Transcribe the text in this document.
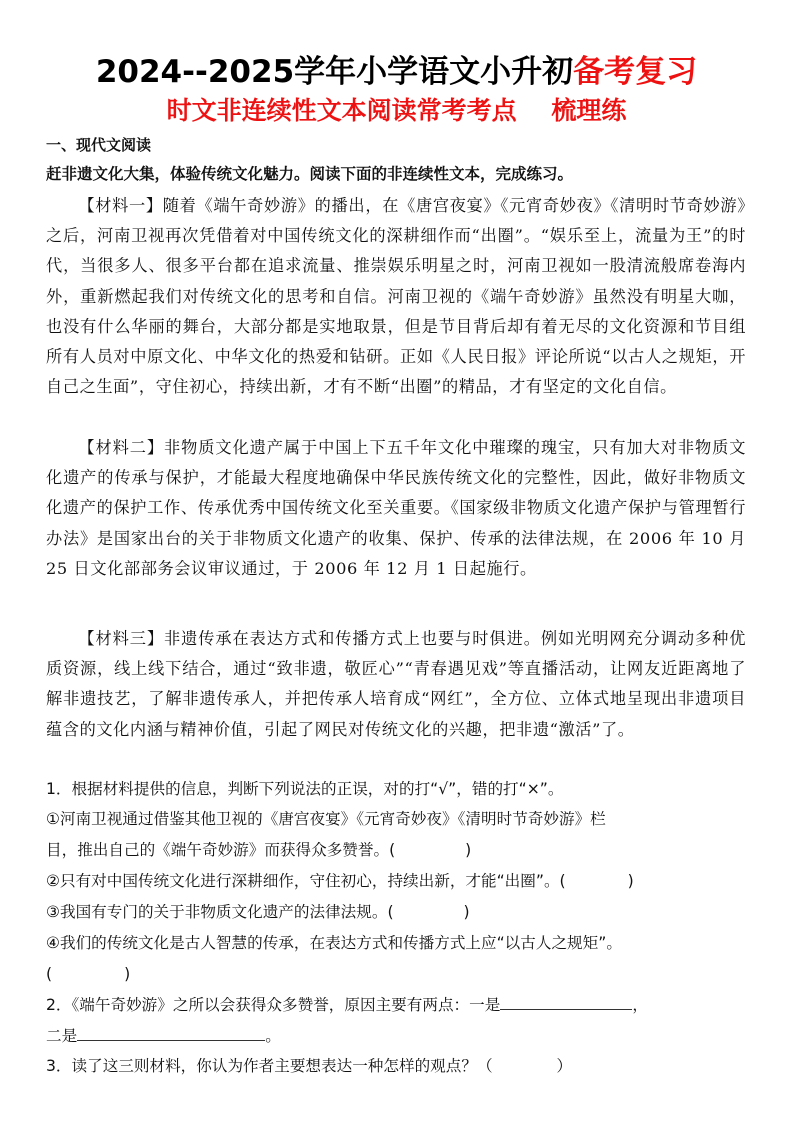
2024--2025学年小学语文小升初备考复习
时文非连续性文本阅读常考考点    梳理练
一、现代文阅读
赶非遗文化大集，体验传统文化魅力。阅读下面的非连续性文本，完成练习。
【材料一】随着《端午奇妙游》的播出，在《唐宫夜宴》《元宵奇妙夜》《清明时节奇妙游》之后，河南卫视再次凭借着对中国传统文化的深耕细作而“出圈”。“娱乐至上，流量为王”的时代，当很多人、很多平台都在追求流量、推崇娱乐明星之时，河南卫视如一股清流般席卷海内外，重新燃起我们对传统文化的思考和自信。河南卫视的《端午奇妙游》虽然没有明星大咖，也没有什么华丽的舞台，大部分都是实地取景，但是节目背后却有着无尽的文化资源和节目组所有人员对中原文化、中华文化的热爱和钻研。正如《人民日报》评论所说“以古人之规矩，开自己之生面”，守住初心，持续出新，才有不断“出圈”的精品，才有坚定的文化自信。
【材料二】非物质文化遗产属于中国上下五千年文化中璀璨的瑰宝，只有加大对非物质文化遗产的传承与保护，才能最大程度地确保中华民族传统文化的完整性，因此，做好非物质文化遗产的保护工作、传承优秀中国传统文化至关重要。《国家级非物质文化遗产保护与管理暂行办法》是国家出台的关于非物质文化遗产的收集、保护、传承的法律法规，在 2006 年 10 月 25 日文化部部务会议审议通过，于 2006 年 12 月 1 日起施行。
【材料三】非遗传承在表达方式和传播方式上也要与时俱进。例如光明网充分调动多种优质资源，线上线下结合，通过“致非遗，敬匠心”“青春遇见戏”等直播活动，让网友近距离地了解非遗技艺，了解非遗传承人，并把传承人培育成“网红”，全方位、立体式地呈现出非遗项目蕴含的文化内涵与精神价值，引起了网民对传统文化的兴趣，把非遗“激活”了。
1．根据材料提供的信息，判断下列说法的正误，对的打“√”，错的打“×”。
①河南卫视通过借鉴其他卫视的《唐宫夜宴》《元宵奇妙夜》《清明时节奇妙游》栏
目，推出自己的《端午奇妙游》而获得众多赞誉。(	)
②只有对中国传统文化进行深耕细作，守住初心，持续出新，才能“出圈”。(	)
③我国有专门的关于非物质文化遗产的法律法规。(	)
④我们的传统文化是古人智慧的传承，在表达方式和传播方式上应“以古人之规矩”。
(	)
2．《端午奇妙游》之所以会获得众多赞誉，原因主要有两点：一是	，
二是	。
3．读了这三则材料，你认为作者主要想表达一种怎样的观点？（	）
